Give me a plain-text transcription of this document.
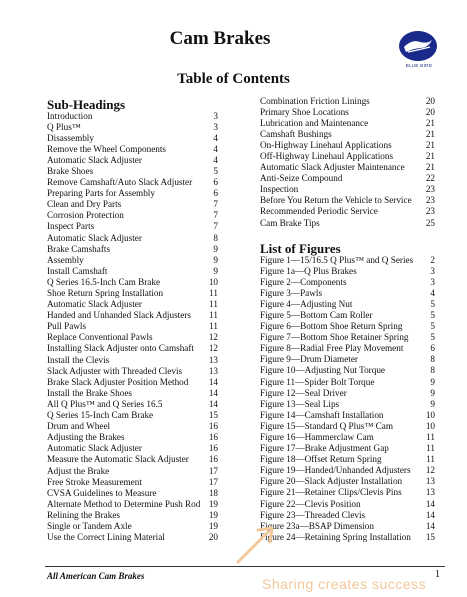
Cam Brakes
BLUE BIRD
Table of Contents
Sub-Headings
Introduction	3
Q Plus™	3
Disassembly	4
Remove the Wheel Components	4
Automatic Slack Adjuster	4
Brake Shoes	5
Remove Camshaft/Auto Slack Adjuster 6
Preparing Parts for Assembly	6
Clean and Dry Parts	7
Corrosion Protection	7
Inspect Parts	7
Automatic Slack Adjuster	8
Brake Camshafts	9
Assembly	9
Install Camshaft	9
Q Series 16.5-Inch Cam Brake	10
Shoe Return Spring Installation	11
Automatic Slack Adjuster	11
Handed and Unhanded Slack Adjusters 11
Pull Pawls	11
Replace Conventional Pawls	12
Installing Slack Adjuster onto Camshaft 12
Install the Clevis	13
Slack Adjuster with Threaded Clevis	13
Brake Slack Adjuster Position Method 14
Install the Brake Shoes	14
All Q Plus™ and Q Series 16.5	14
Q Series 15-Inch Cam Brake	15
Drum and Wheel	16
Adjusting the Brakes	16
Automatic Slack Adjuster	16
Measure the Automatic Slack Adjuster 16
Adjust the Brake	17
Free Stroke Measurement	17
CVSA Guidelines to Measure	18
Alternate Method to Determine Push Rod 19
Relining the Brakes	19
Single or Tandem Axle	19
Use the Correct Lining Material	20
Combination Friction Linings	20
Primary Shoe Locations	20
Lubrication and Maintenance	21
Camshaft Bushings	21
On-Highway Linehaul Applications	21
Off-Highway Linehaul Applications	21
Automatic Slack Adjuster Maintenance 21
Anti-Seize Compound	22
Inspection	23
Before You Return the Vehicle to Service 23
Recommended Periodic Service	23
Cam Brake Tips	25
List of Figures
Figure 1—15/16.5 Q Plus™ and Q Series 2
Figure 1a—Q Plus Brakes	3
Figure 2—Components	3
Figure 3—Pawls	4
Figure 4—Adjusting Nut	5
Figure 5—Bottom Cam Roller	5
Figure 6—Bottom Shoe Return Spring	5
Figure 7—Bottom Shoe Retainer Spring 5
Figure 8—Radial Free Play Movement	6
Figure 9—Drum Diameter	8
Figure 10—Adjusting Nut Torque	8
Figure 11—Spider Bolt Torque	9
Figure 12—Seal Driver	9
Figure 13—Seal Lips	9
Figure 14—Camshaft Installation	10
Figure 15—Standard Q Plus™ Cam	10
Figure 16—Hammerclaw Cam	11
Figure 17—Brake Adjustment Gap	11
Figure 18—Offset Return Spring	11
Figure 19—Handed/Unhanded Adjusters 12
Figure 20—Slack Adjuster Installation	13
Figure 21—Retainer Clips/Clevis Pins	13
Figure 22—Clevis Position	14
Figure 23—Threaded Clevis	14
Figure 23a—BSAP Dimension	14
Figure 24—Retaining Spring Installation 15
All American Cam Brakes	1
Sharing creates success
